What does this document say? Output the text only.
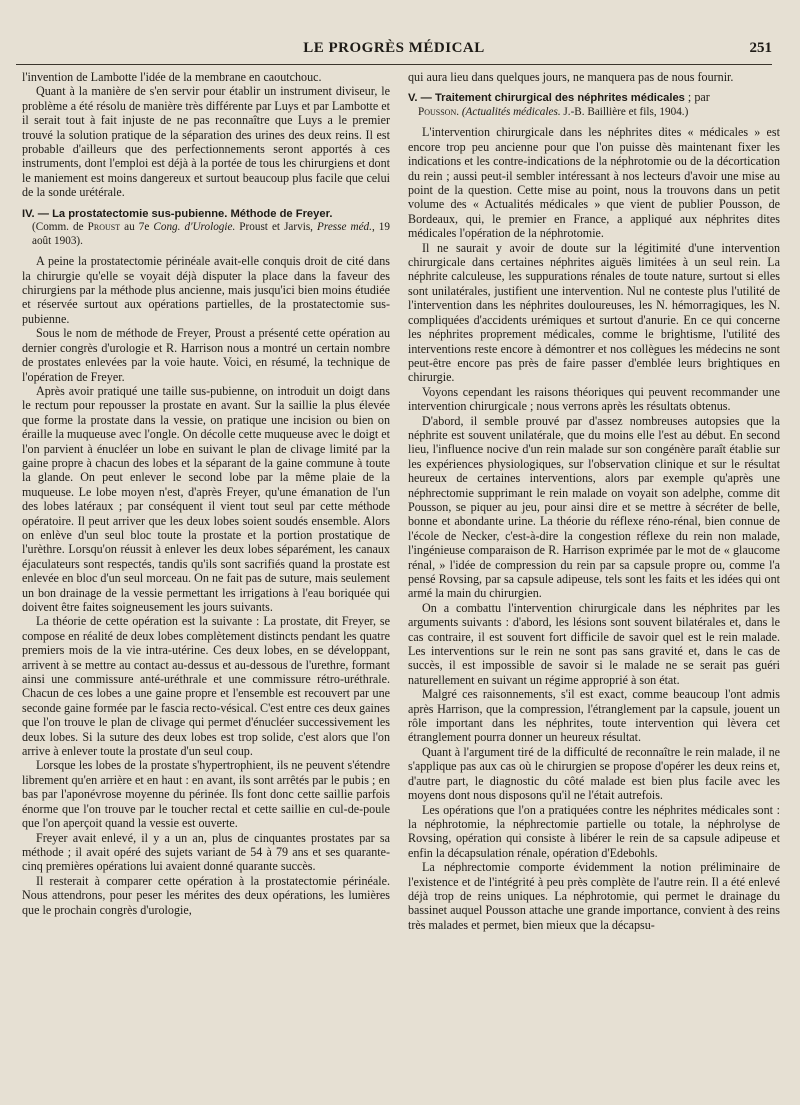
LE PROGRÈS MÉDICAL	251

l'invention de Lambotte l'idée de la membrane en caoutchouc.

Quant à la manière de s'en servir pour établir un instrument diviseur, le problème a été résolu de manière très différente par Luys et par Lambotte et il serait tout à fait injuste de ne pas reconnaître que Luys a le premier trouvé la solution pratique de la séparation des urines des deux reins. Il est probable d'ailleurs que des perfectionnements seront apportés à ces instruments, dont l'emploi est déjà à la portée de tous les chirurgiens et dont le maniement est moins dangereux et surtout beaucoup plus facile que celui de la sonde urétérale.

IV. — La prostatectomie sus-pubienne. Méthode de Freyer.

(Comm. de Proust au 7e Cong. d'Urologie. Proust et Jarvis, Presse méd., 19 août 1903).

A peine la prostatectomie périnéale avait-elle conquis droit de cité dans la chirurgie qu'elle se voyait déjà disputer la place dans la faveur des chirurgiens par la méthode plus ancienne, mais jusqu'ici bien moins étudiée et réservée surtout aux opérations partielles, de la prostatectomie sus-pubienne.

Sous le nom de méthode de Freyer, Proust a présenté cette opération au dernier congrès d'urologie et R. Harrison nous a montré un certain nombre de prostates enlevées par la voie haute. Voici, en résumé, la technique de l'opération de Freyer.

Après avoir pratiqué une taille sus-pubienne, on introduit un doigt dans le rectum pour repousser la prostate en avant. Sur la saillie la plus élevée que forme la prostate dans la vessie, on pratique une incision ou bien on éraille la muqueuse avec l'ongle. On décolle cette muqueuse avec le doigt et l'on parvient à énucléer un lobe en suivant le plan de clivage limité par la gaine propre à chacun des lobes et la séparant de la gaine commune à toute la glande. On peut enlever le second lobe par la même plaie de la muqueuse. Le lobe moyen n'est, d'après Freyer, qu'une émanation de l'un des lobes latéraux ; par conséquent il vient tout seul par cette méthode opératoire. Il peut arriver que les deux lobes soient soudés ensemble. Alors on enlève d'un seul bloc toute la prostate et la portion prostatique de l'urèthre. Lorsqu'on réussit à enlever les deux lobes séparément, les canaux éjaculateurs sont respectés, tandis qu'ils sont sacrifiés quand la prostate est enlevée en bloc d'un seul morceau. On ne fait pas de suture, mais seulement un bon drainage de la vessie permettant les irrigations à l'eau boriquée qui doivent être faites soigneusement les jours suivants.

La théorie de cette opération est la suivante : La prostate, dit Freyer, se compose en réalité de deux lobes complètement distincts pendant les quatre premiers mois de la vie intra-utérine. Ces deux lobes, en se développant, arrivent à se mettre au contact au-dessus et au-dessous de l'urethre, formant ainsi une commissure anté-uréthrale et une commissure rétro-uréthrale. Chacun de ces lobes a une gaine propre et l'ensemble est recouvert par une seconde gaine formée par le fascia recto-vésical. C'est entre ces deux gaines que l'on trouve le plan de clivage qui permet d'énucléer successivement les deux lobes. Si la suture des deux lobes est trop solide, c'est alors que l'on arrive à enlever toute la prostate d'un seul coup.

Lorsque les lobes de la prostate s'hypertrophient, ils ne peuvent s'étendre librement qu'en arrière et en haut : en avant, ils sont arrêtés par le pubis ; en bas par l'aponévrose moyenne du périnée. Ils font donc cette saillie parfois énorme que l'on trouve par le toucher rectal et cette saillie en cul-de-poule que l'on aperçoit quand la vessie est ouverte.

Freyer avait enlevé, il y a un an, plus de cinquantes prostates par sa méthode ; il avait opéré des sujets variant de 54 à 79 ans et ses quarante-cinq premières opérations lui avaient donné quarante succès.

Il resterait à comparer cette opération à la prostatectomie périnéale. Nous attendrons, pour peser les mérites des deux opérations, les lumières que le prochain congrès d'urologie,

qui aura lieu dans quelques jours, ne manquera pas de nous fournir.

V. — Traitement chirurgical des néphrites médicales ; par

Pousson. (Actualités médicales. J.-B. Baillière et fils, 1904.)

L'intervention chirurgicale dans les néphrites dites « médicales » est encore trop peu ancienne pour que l'on puisse dès maintenant fixer les indications et les contre-indications de la néphrotomie ou de la décortication du rein ; aussi peut-il sembler intéressant à nos lecteurs d'avoir une mise au point de la question. Cette mise au point, nous la trouvons dans un petit volume des « Actualités médicales » que vient de publier Pousson, de Bordeaux, qui, le premier en France, a appliqué aux néphrites dites médicales l'opération de la néphrotomie.

Il ne saurait y avoir de doute sur la légitimité d'une intervention chirurgicale dans certaines néphrites aiguës limitées à un seul rein. La néphrite calculeuse, les suppurations rénales de toute nature, surtout si elles sont unilatérales, justifient une intervention. Nul ne conteste plus l'utilité de l'intervention dans les néphrites douloureuses, les N. hémorragiques, les N. compliquées d'accidents urémiques et surtout d'anurie. En ce qui concerne les néphrites proprement médicales, comme le brightisme, l'utilité des interventions reste encore à démontrer et nos collègues les médecins ne sont peut-être encore pas près de faire passer d'emblée leurs brightiques en chirurgie.

Voyons cependant les raisons théoriques qui peuvent recommander une intervention chirurgicale ; nous verrons après les résultats obtenus.

D'abord, il semble prouvé par d'assez nombreuses autopsies que la néphrite est souvent unilatérale, que du moins elle l'est au début. En second lieu, l'influence nocive d'un rein malade sur son congénère paraît établie sur les expériences physiologiques, sur l'observation clinique et sur le résultat heureux de certaines interventions, alors par exemple qu'après une néphrectomie supprimant le rein malade on voyait son adelphe, comme dit Pousson, se piquer au jeu, pour ainsi dire et se mettre à sécréter de belle, bonne et abondante urine. La théorie du réflexe réno-rénal, bien connue de l'école de Necker, c'est-à-dire la congestion réflexe du rein non malade, l'ingénieuse comparaison de R. Harrison exprimée par le mot de « glaucome rénal, » l'idée de compression du rein par sa capsule propre ou, comme l'a pensé Rovsing, par sa capsule adipeuse, tels sont les faits et les idées qui ont armé la main du chirurgien.

On a combattu l'intervention chirurgicale dans les néphrites par les arguments suivants : d'abord, les lésions sont souvent bilatérales et, dans le cas contraire, il est souvent fort difficile de savoir quel est le rein malade. Les interventions sur le rein ne sont pas sans gravité et, dans le cas de succès, il est impossible de savoir si le malade ne se serait pas guéri naturellement en suivant un régime approprié à son état.

Malgré ces raisonnements, s'il est exact, comme beaucoup l'ont admis après Harrison, que la compression, l'étranglement par la capsule, jouent un rôle important dans les néphrites, toute intervention qui lèvera cet étranglement pourra donner un heureux résultat.

Quant à l'argument tiré de la difficulté de reconnaître le rein malade, il ne s'applique pas aux cas où le chirurgien se propose d'opérer les deux reins et, d'autre part, le diagnostic du côté malade est bien plus facile avec les moyens dont nous disposons qu'il ne l'était autrefois.

Les opérations que l'on a pratiquées contre les néphrites médicales sont : la néphrotomie, la néphrectomie partielle ou totale, la néphrolyse de Rovsing, opération qui consiste à libérer le rein de sa capsule adipeuse et enfin la décapsulation rénale, opération d'Edebohls.

La néphrectomie comporte évidemment la notion préliminaire de l'existence et de l'intégrité à peu près complète de l'autre rein. Il a été enlevé déjà trop de reins uniques. La néphrotomie, qui permet le drainage du bassinet auquel Pousson attache une grande importance, convient à des reins très malades et permet, bien mieux que la décapsu-
